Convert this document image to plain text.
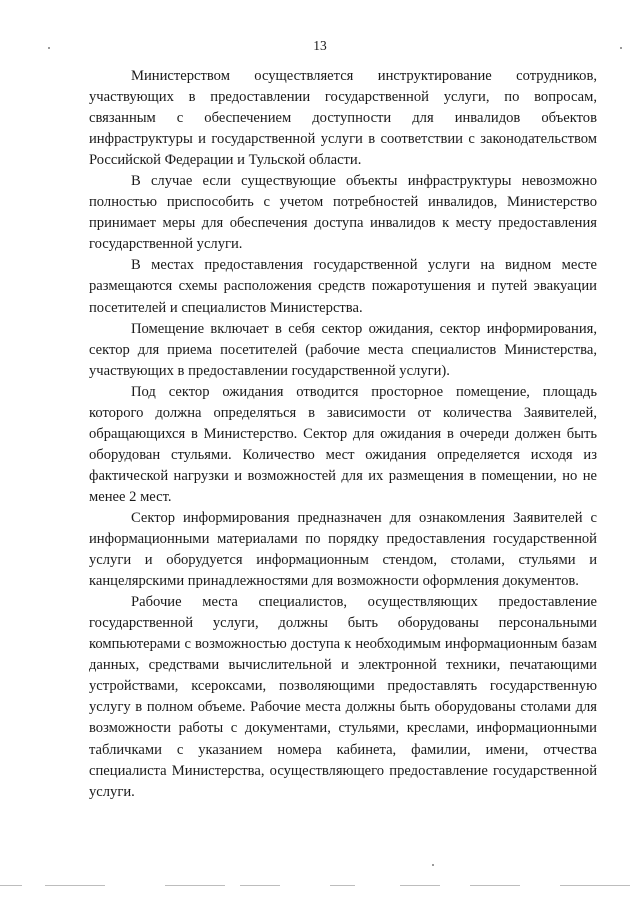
13

Министерством осуществляется инструктирование сотрудников, участвующих в предоставлении государственной услуги, по вопросам, связанным с обеспечением доступности для инвалидов объектов инфраструктуры и государственной услуги в соответствии с законодательством Российской Федерации и Тульской области.

В случае если существующие объекты инфраструктуры невозможно полностью приспособить с учетом потребностей инвалидов, Министерство принимает меры для обеспечения доступа инвалидов к месту предоставления государственной услуги.

В местах предоставления государственной услуги на видном месте размещаются схемы расположения средств пожаротушения и путей эвакуации посетителей и специалистов Министерства.

Помещение включает в себя сектор ожидания, сектор информирования, сектор для приема посетителей (рабочие места специалистов Министерства, участвующих в предоставлении государственной услуги).

Под сектор ожидания отводится просторное помещение, площадь которого должна определяться в зависимости от количества Заявителей, обращающихся в Министерство. Сектор для ожидания в очереди должен быть оборудован стульями. Количество мест ожидания определяется исходя из фактической нагрузки и возможностей для их размещения в помещении, но не менее 2 мест.

Сектор информирования предназначен для ознакомления Заявителей с информационными материалами по порядку предоставления государственной услуги и оборудуется информационным стендом, столами, стульями и канцелярскими принадлежностями для возможности оформления документов.

Рабочие места специалистов, осуществляющих предоставление государственной услуги, должны быть оборудованы персональными компьютерами с возможностью доступа к необходимым информационным базам данных, средствами вычислительной и электронной техники, печатающими устройствами, ксероксами, позволяющими предоставлять государственную услугу в полном объеме. Рабочие места должны быть оборудованы столами для возможности работы с документами, стульями, креслами, информационными табличками с указанием номера кабинета, фамилии, имени, отчества специалиста Министерства, осуществляющего предоставление государственной услуги.
